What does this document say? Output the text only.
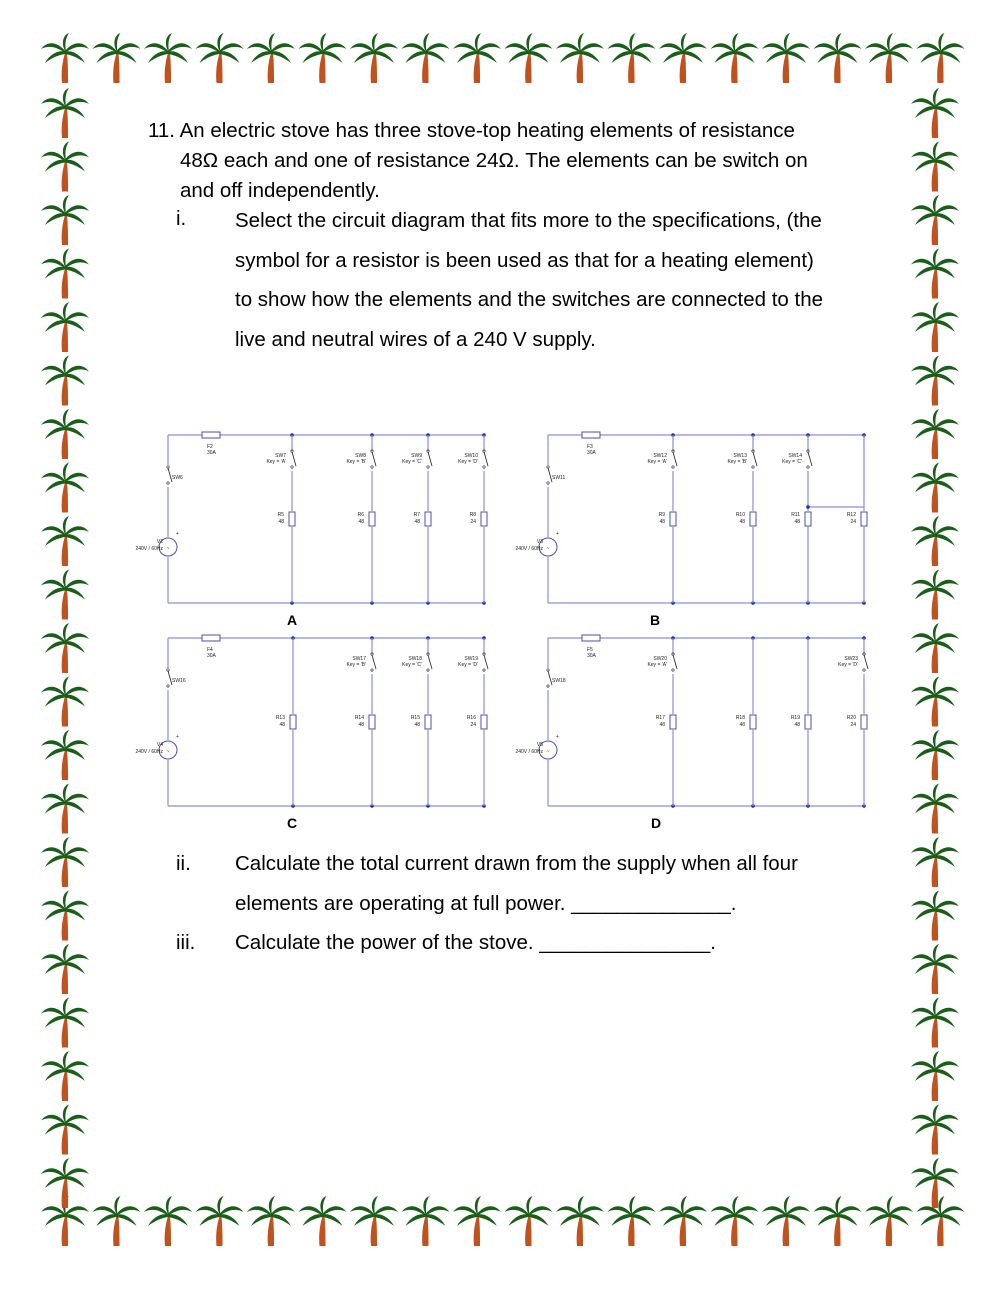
11. An electric stove has three stove-top heating elements of resistance
48Ω each and one of resistance 24Ω. The elements can be switch on
and off independently.
i. Select the circuit diagram that fits more to the specifications, (the
symbol for a resistor is been used as that for a heating element)
to show how the elements and the switches are connected to the
live and neutral wires of a 240 V supply.
SW6
~
+
V2
240V / 60Hz
F2
30A	SW7
Key = 'A'
R5
48
SW8
Key = 'B'
R6
48
SW9
Key = 'C'
R7
48
SW10
Key = 'D'
R8
24
A
SW11
~
+
V3
240V / 60Hz
F3
30A	SW12
Key = 'A'
R9
48
SW13
Key = 'B'
R10
48
SW14
Key = 'C'
R11
48
R12
24
B
SW16
~
+
V4
240V / 60Hz
F4
30A
R13
48
SW17
Key = 'B'
R14
48
SW18
Key = 'C'
R15
48
SW19
Key = 'D'
R16
24
C
SW18
~
+
V5
240V / 60Hz
F5
30A	SW20
Key = 'A'
R17
48
R18
48
R19
48
SW23
Key = 'D'
R20
24
D
ii. Calculate the total current drawn from the supply when all four
elements are operating at full power. ______________.
iii. Calculate the power of the stove. _______________.
